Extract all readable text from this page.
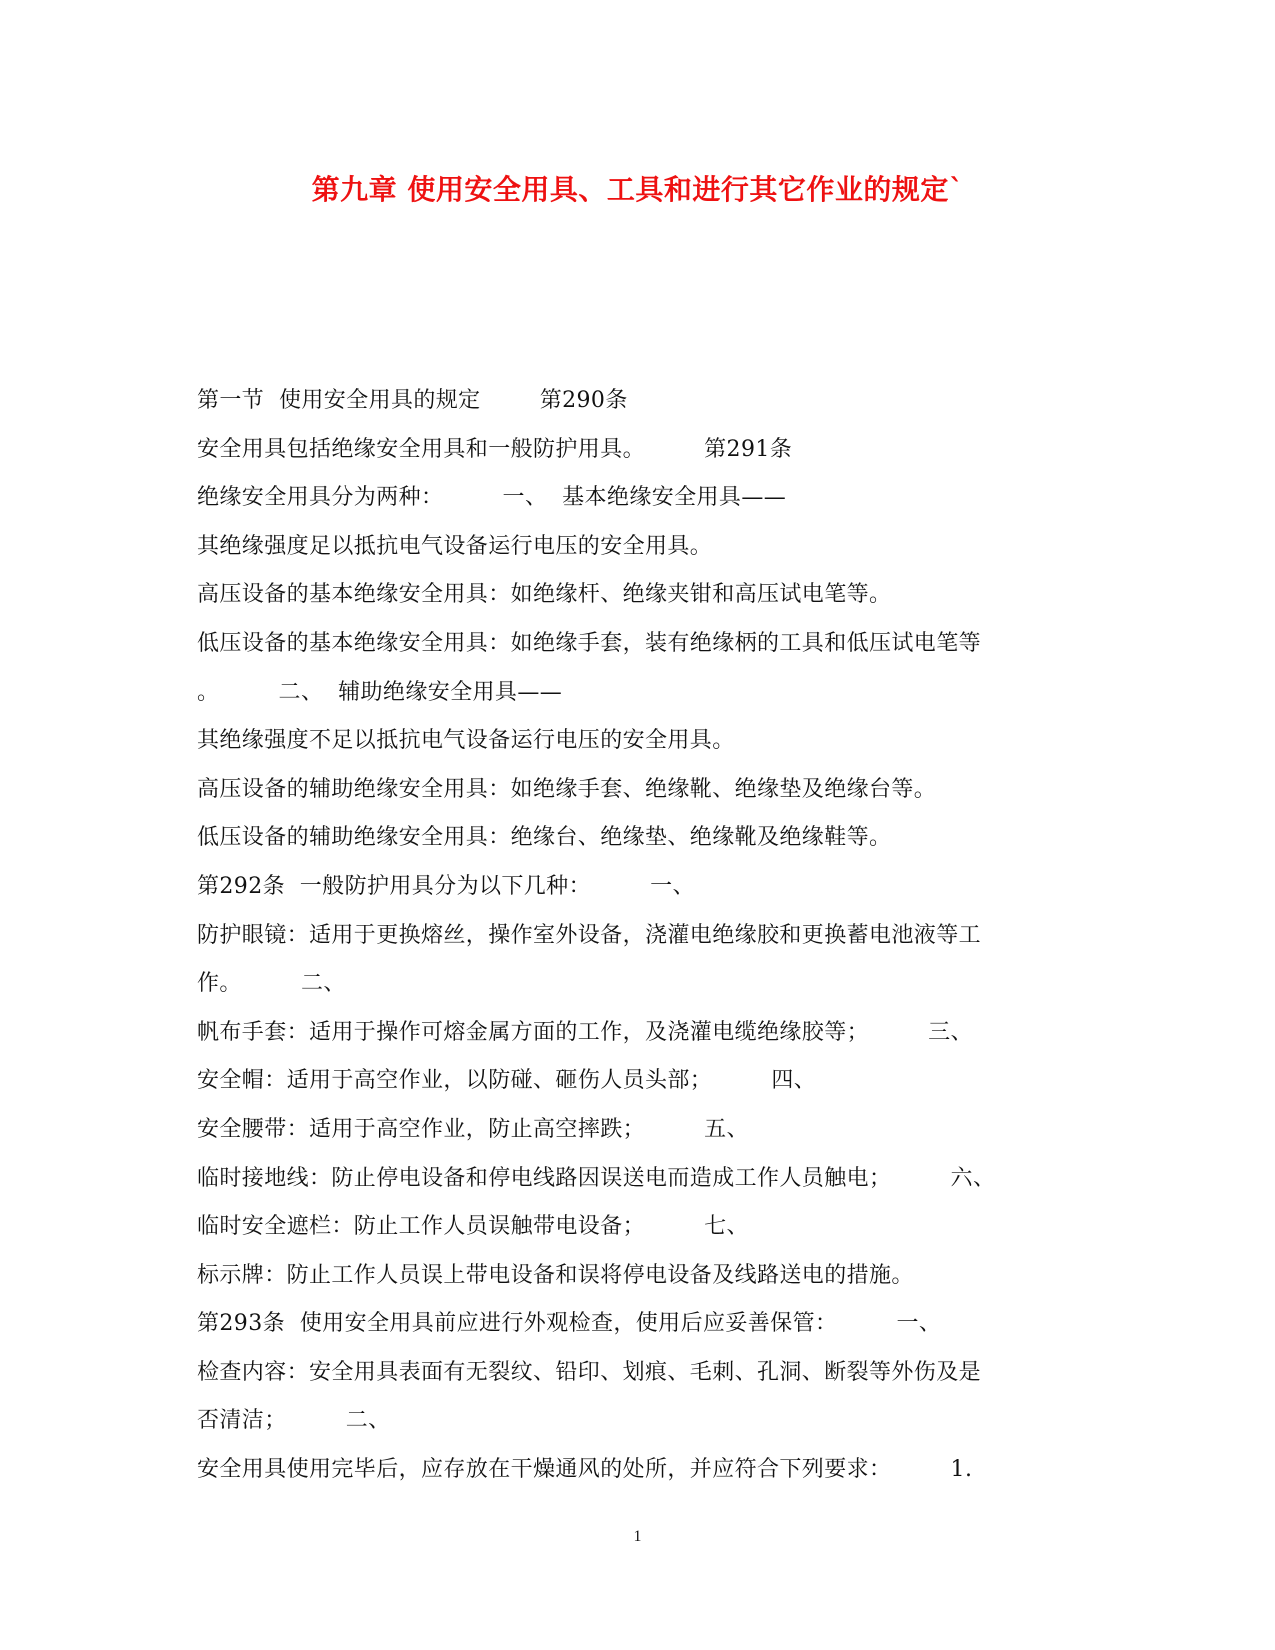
第九章 使用安全用具、工具和进行其它作业的规定`
第一节  使用安全用具的规定        第290条
安全用具包括绝缘安全用具和一般防护用具。        第291条
绝缘安全用具分为两种：        一、  基本绝缘安全用具——
其绝缘强度足以抵抗电气设备运行电压的安全用具。
高压设备的基本绝缘安全用具：如绝缘杆、绝缘夹钳和高压试电笔等。
低压设备的基本绝缘安全用具：如绝缘手套，装有绝缘柄的工具和低压试电笔等
。        二、  辅助绝缘安全用具——
其绝缘强度不足以抵抗电气设备运行电压的安全用具。
高压设备的辅助绝缘安全用具：如绝缘手套、绝缘靴、绝缘垫及绝缘台等。
低压设备的辅助绝缘安全用具：绝缘台、绝缘垫、绝缘靴及绝缘鞋等。
第292条  一般防护用具分为以下几种：        一、
防护眼镜：适用于更换熔丝，操作室外设备，浇灌电绝缘胶和更换蓄电池液等工
作。        二、
帆布手套：适用于操作可熔金属方面的工作，及浇灌电缆绝缘胶等；        三、
安全帽：适用于高空作业，以防碰、砸伤人员头部；        四、
安全腰带：适用于高空作业，防止高空摔跌；        五、
临时接地线：防止停电设备和停电线路因误送电而造成工作人员触电；        六、
临时安全遮栏：防止工作人员误触带电设备；        七、
标示牌：防止工作人员误上带电设备和误将停电设备及线路送电的措施。
第293条  使用安全用具前应进行外观检查，使用后应妥善保管：        一、
检查内容：安全用具表面有无裂纹、铅印、划痕、毛刺、孔洞、断裂等外伤及是
否清洁；        二、
安全用具使用完毕后，应存放在干燥通风的处所，并应符合下列要求：        1.
1
